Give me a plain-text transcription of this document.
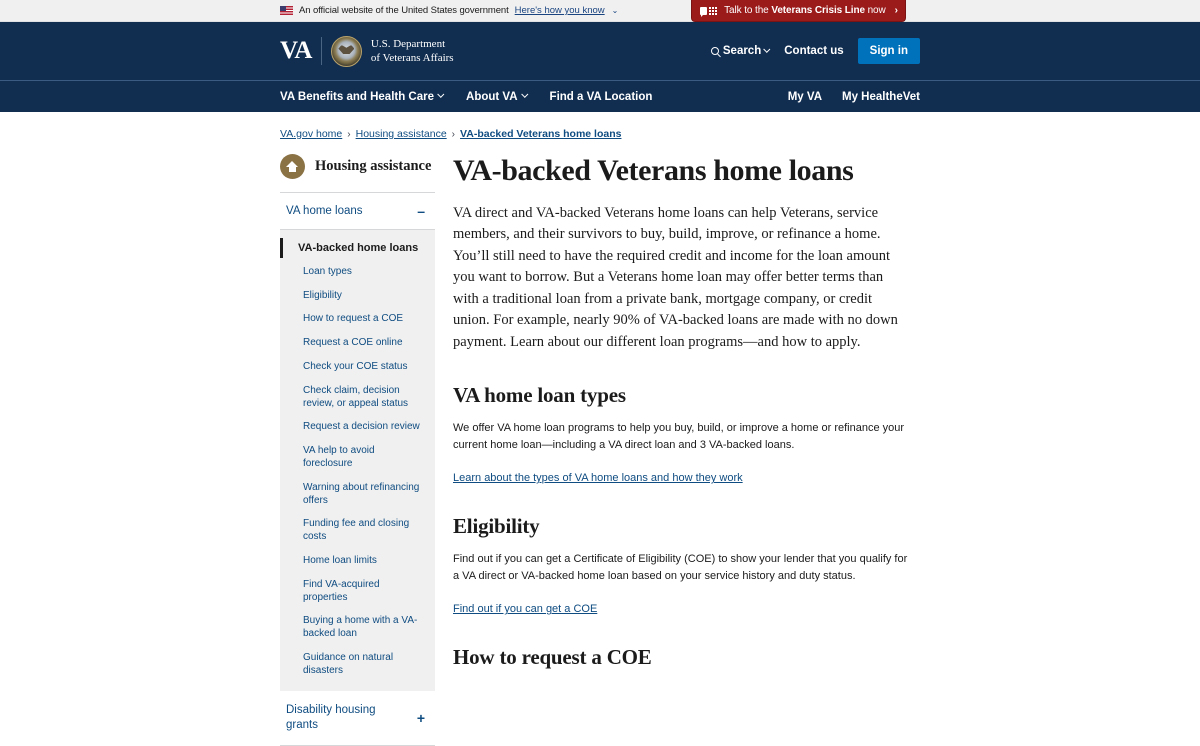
An official website of the United States government Here's how you know ⌄	Talk to the Veterans Crisis Line now ›
VA	U.S. Department
of Veterans Affairs
Search Contact us	Sign in
VA Benefits and Health Care	About VA	Find a VA Location	My VA My HealtheVet
VA.gov home › Housing assistance › VA-backed Veterans home loans
Housing assistance
VA home loans	–
VA-backed home loans
Loan types
Eligibility
How to request a COE
Request a COE online
Check your COE status
Check claim, decision review, or appeal status
Request a decision review
VA help to avoid foreclosure
Warning about refinancing offers
Funding fee and closing costs
Home loan limits
Find VA-acquired properties
Buying a home with a VA-backed loan
Guidance on natural disasters
Disability housing grants	+
VA-backed Veterans home loans

VA direct and VA-backed Veterans home loans can help Veterans, service members, and their survivors to buy, build, improve, or refinance a home. You’ll still need to have the required credit and income for the loan amount you want to borrow. But a Veterans home loan may offer better terms than with a traditional loan from a private bank, mortgage company, or credit union. For example, nearly 90% of VA-backed loans are made with no down payment. Learn about our different loan programs—and how to apply.

VA home loan types

We offer VA home loan programs to help you buy, build, or improve a home or refinance your current home loan—including a VA direct loan and 3 VA-backed loans.

Learn about the types of VA home loans and how they work
Eligibility

Find out if you can get a Certificate of Eligibility (COE) to show your lender that you qualify for a VA direct or VA-backed home loan based on your service history and duty status.

Find out if you can get a COE
How to request a COE
